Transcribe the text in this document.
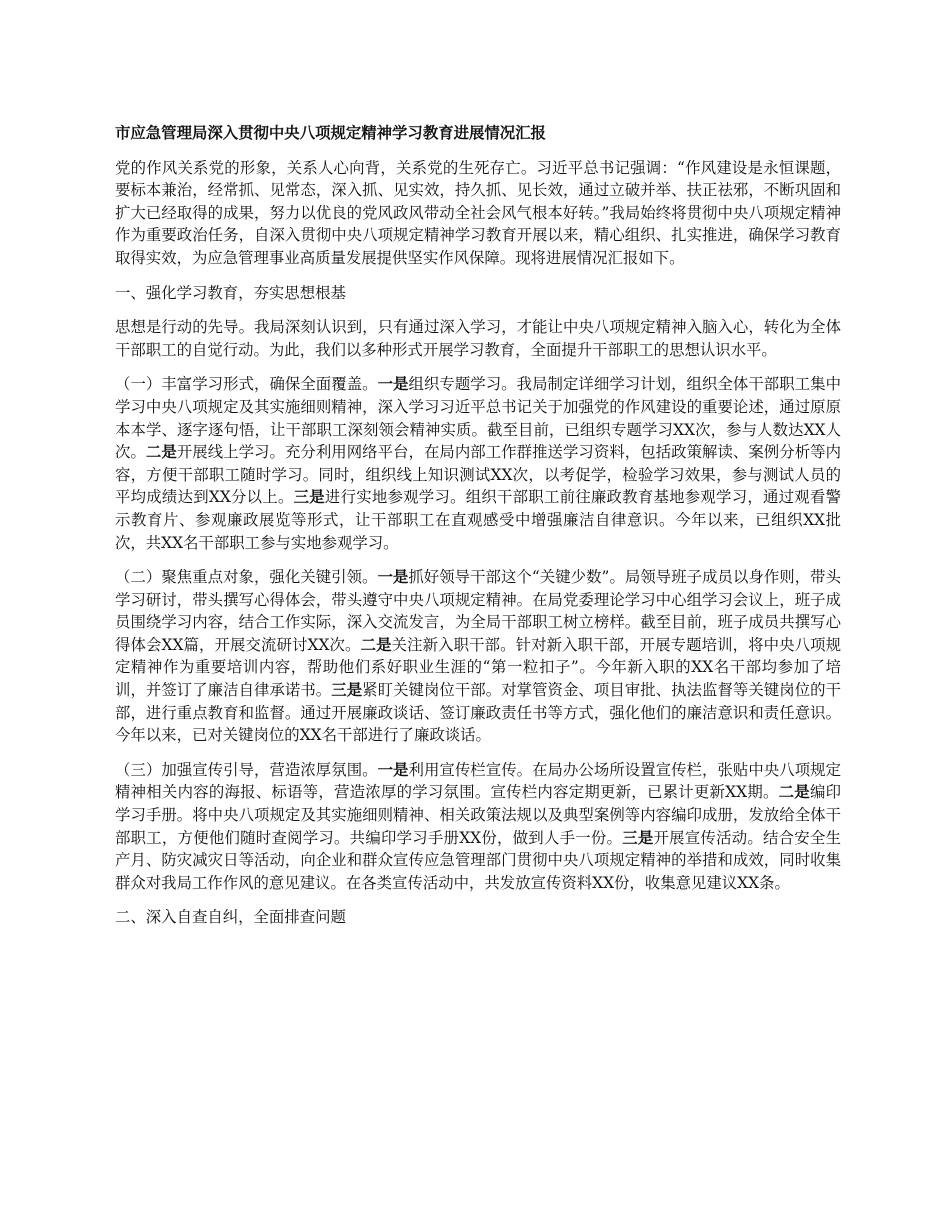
市应急管理局深入贯彻中央八项规定精神学习教育进展情况汇报

党的作风关系党的形象，关系人心向背，关系党的生死存亡。习近平总书记强调：“作风建设是永恒课题，要标本兼治，经常抓、见常态，深入抓、见实效，持久抓、见长效，通过立破并举、扶正祛邪，不断巩固和扩大已经取得的成果，努力以优良的党风政风带动全社会风气根本好转。”我局始终将贯彻中央八项规定精神作为重要政治任务，自深入贯彻中央八项规定精神学习教育开展以来，精心组织、扎实推进，确保学习教育取得实效，为应急管理事业高质量发展提供坚实作风保障。现将进展情况汇报如下。

一、强化学习教育，夯实思想根基

思想是行动的先导。我局深刻认识到，只有通过深入学习，才能让中央八项规定精神入脑入心，转化为全体干部职工的自觉行动。为此，我们以多种形式开展学习教育，全面提升干部职工的思想认识水平。

（一）丰富学习形式，确保全面覆盖。一是组织专题学习。我局制定详细学习计划，组织全体干部职工集中学习中央八项规定及其实施细则精神，深入学习习近平总书记关于加强党的作风建设的重要论述，通过原原本本学、逐字逐句悟，让干部职工深刻领会精神实质。截至目前，已组织专题学习XX次，参与人数达XX人次。二是开展线上学习。充分利用网络平台，在局内部工作群推送学习资料，包括政策解读、案例分析等内容，方便干部职工随时学习。同时，组织线上知识测试XX次，以考促学，检验学习效果，参与测试人员的平均成绩达到XX分以上。三是进行实地参观学习。组织干部职工前往廉政教育基地参观学习，通过观看警示教育片、参观廉政展览等形式，让干部职工在直观感受中增强廉洁自律意识。今年以来，已组织XX批次，共XX名干部职工参与实地参观学习。

（二）聚焦重点对象，强化关键引领。一是抓好领导干部这个“关键少数”。局领导班子成员以身作则，带头学习研讨，带头撰写心得体会，带头遵守中央八项规定精神。在局党委理论学习中心组学习会议上，班子成员围绕学习内容，结合工作实际，深入交流发言，为全局干部职工树立榜样。截至目前，班子成员共撰写心得体会XX篇，开展交流研讨XX次。二是关注新入职干部。针对新入职干部，开展专题培训，将中央八项规定精神作为重要培训内容，帮助他们系好职业生涯的“第一粒扣子”。今年新入职的XX名干部均参加了培训，并签订了廉洁自律承诺书。三是紧盯关键岗位干部。对掌管资金、项目审批、执法监督等关键岗位的干部，进行重点教育和监督。通过开展廉政谈话、签订廉政责任书等方式，强化他们的廉洁意识和责任意识。今年以来，已对关键岗位的XX名干部进行了廉政谈话。

（三）加强宣传引导，营造浓厚氛围。一是利用宣传栏宣传。在局办公场所设置宣传栏，张贴中央八项规定精神相关内容的海报、标语等，营造浓厚的学习氛围。宣传栏内容定期更新，已累计更新XX期。二是编印学习手册。将中央八项规定及其实施细则精神、相关政策法规以及典型案例等内容编印成册，发放给全体干部职工，方便他们随时查阅学习。共编印学习手册XX份，做到人手一份。三是开展宣传活动。结合安全生产月、防灾减灾日等活动，向企业和群众宣传应急管理部门贯彻中央八项规定精神的举措和成效，同时收集群众对我局工作作风的意见建议。在各类宣传活动中，共发放宣传资料XX份，收集意见建议XX条。

二、深入自查自纠，全面排查问题
